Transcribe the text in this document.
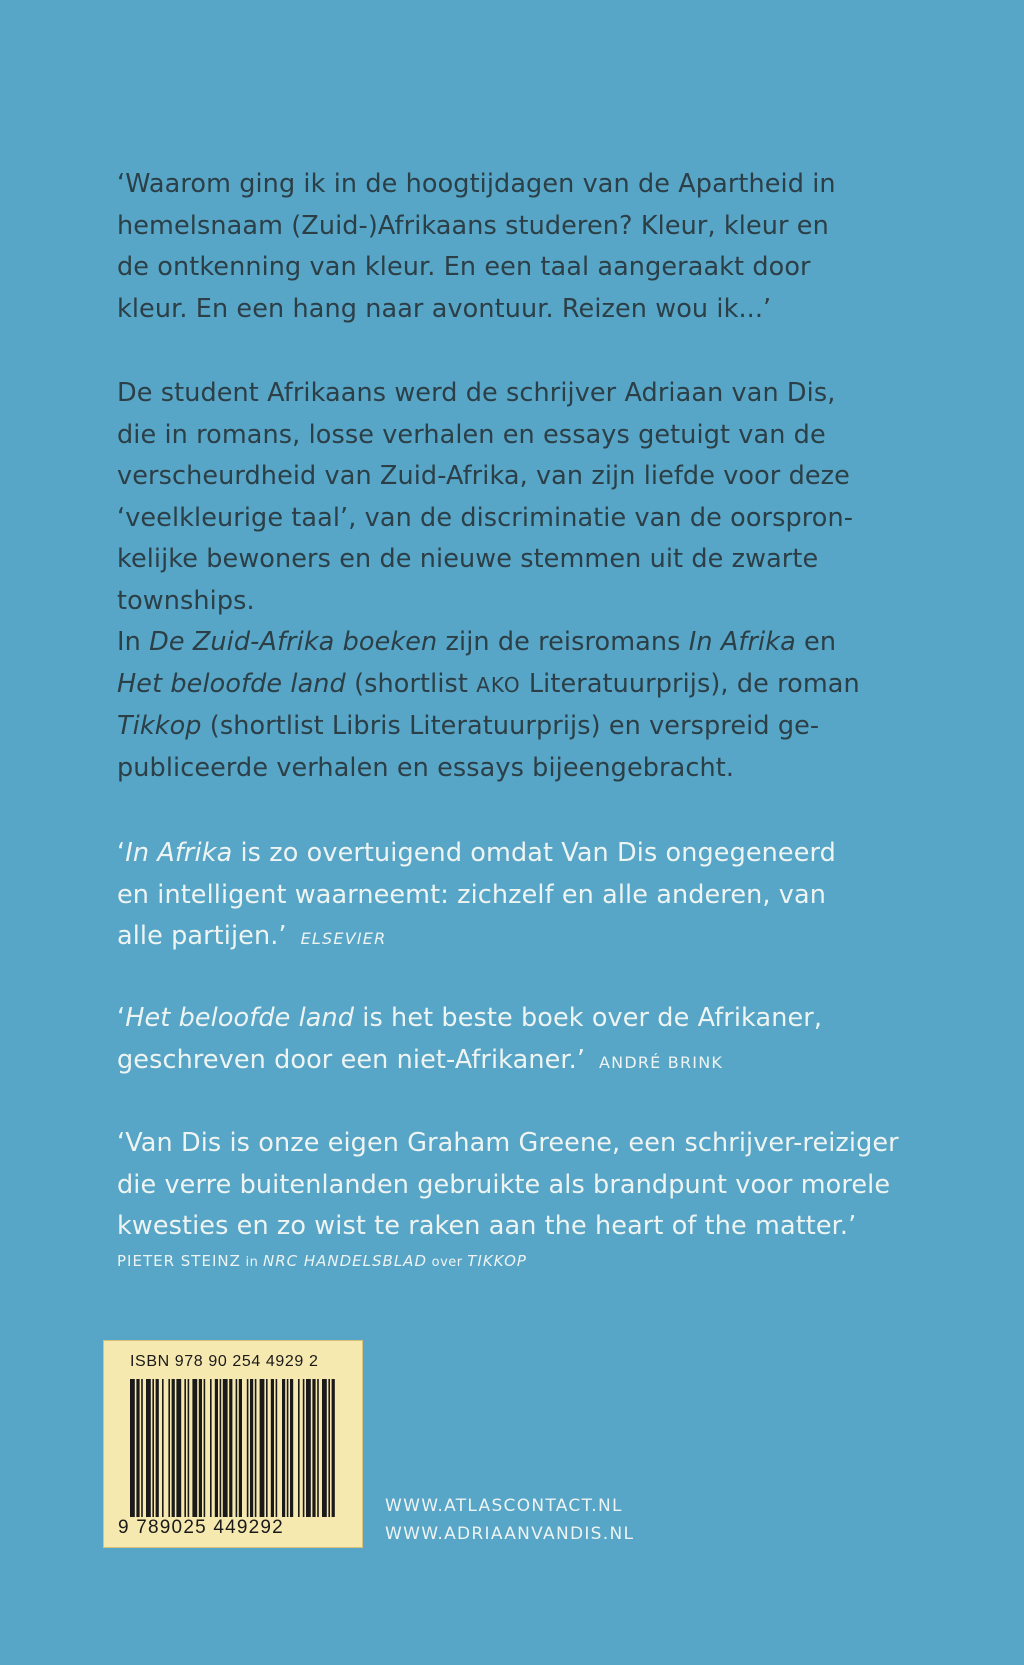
‘Waarom ging ik in de hoogtijdagen van de Apartheid in
hemelsnaam (Zuid-)Afrikaans studeren? Kleur, kleur en
de ontkenning van kleur. En een taal aangeraakt door
kleur. En een hang naar avontuur. Reizen wou ik...’

De student Afrikaans werd de schrijver Adriaan van Dis,
die in romans, losse verhalen en essays getuigt van de
verscheurdheid van Zuid-Afrika, van zijn liefde voor deze
‘veelkleurige taal’, van de discriminatie van de oorspron-
kelijke bewoners en de nieuwe stemmen uit de zwarte
townships.
In De Zuid-Afrika boeken zijn de reisromans In Afrika en
Het beloofde land (shortlist AKO Literatuurprijs), de roman
Tikkop (shortlist Libris Literatuurprijs) en verspreid ge-
publiceerde verhalen en essays bijeengebracht.

‘In Afrika is zo overtuigend omdat Van Dis ongegeneerd
en intelligent waarneemt: zichzelf en alle anderen, van
alle partijen.’ ELSEVIER

‘Het beloofde land is het beste boek over de Afrikaner,
geschreven door een niet-Afrikaner.’ ANDRÉ BRINK

‘Van Dis is onze eigen Graham Greene, een schrijver-reiziger
die verre buitenlanden gebruikte als brandpunt voor morele
kwesties en zo wist te raken aan the heart of the matter.’
PIETER STEINZ in NRC HANDELSBLAD over TIKKOP
ISBN 978 90 254 4929 2
9 789025 449292
WWW.ATLASCONTACT.NL
WWW.ADRIAANVANDIS.NL
